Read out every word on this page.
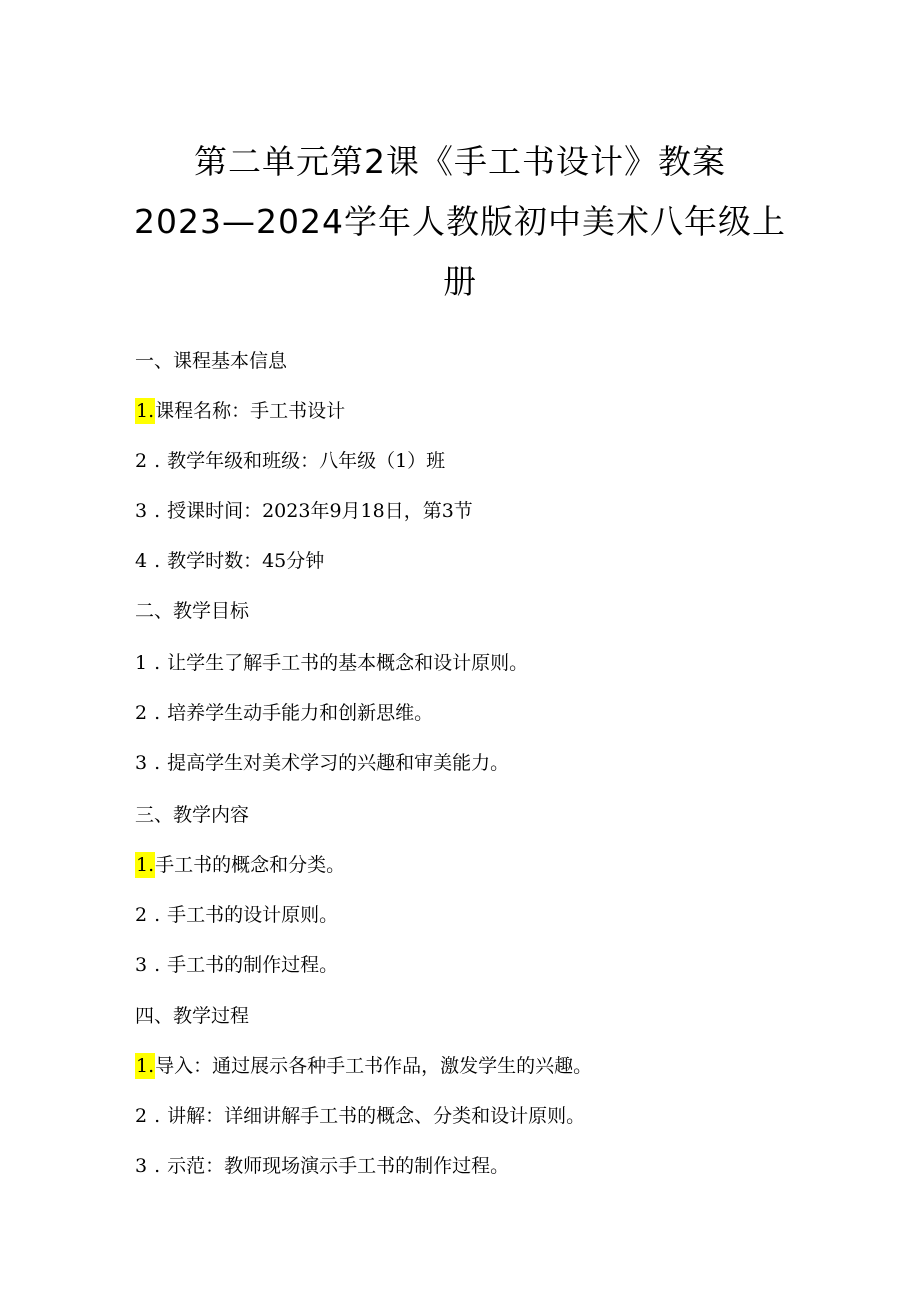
第二单元第2课《手工书设计》教案
2023—2024学年人教版初中美术八年级上
册
一、课程基本信息
1.课程名称：手工书设计
2 . 教学年级和班级：八年级（1）班
3 . 授课时间：2023年9月18日，第3节
4 . 教学时数：45分钟
二、教学目标
1 . 让学生了解手工书的基本概念和设计原则。
2 . 培养学生动手能力和创新思维。
3 . 提高学生对美术学习的兴趣和审美能力。
三、教学内容
1.手工书的概念和分类。
2 . 手工书的设计原则。
3 . 手工书的制作过程。
四、教学过程
1.导入：通过展示各种手工书作品，激发学生的兴趣。
2 . 讲解：详细讲解手工书的概念、分类和设计原则。
3 . 示范：教师现场演示手工书的制作过程。
